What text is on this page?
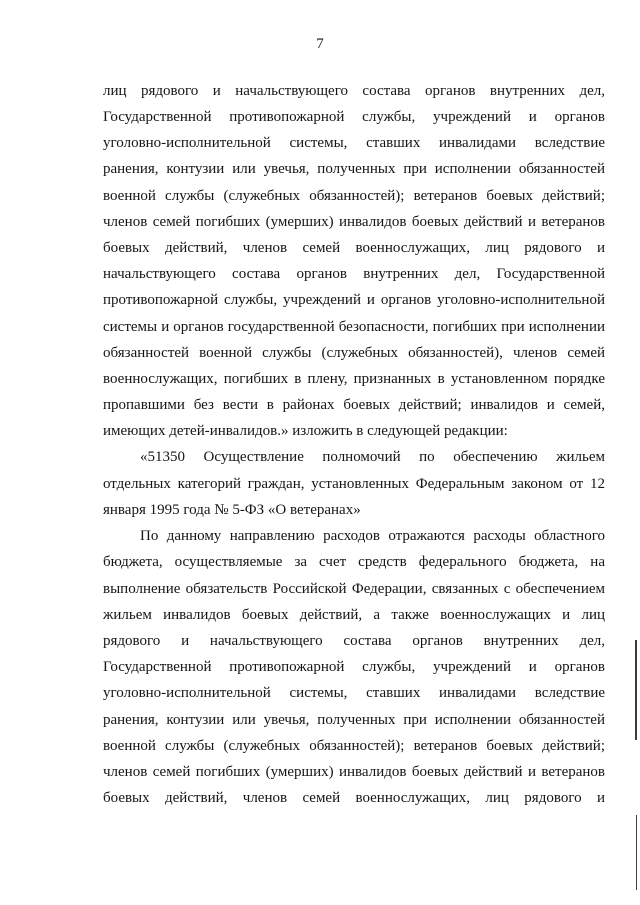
7
лиц рядового и начальствующего состава органов внутренних дел,
Государственной противопожарной службы, учреждений и органов
уголовно-исполнительной системы, ставших инвалидами вследствие
ранения, контузии или увечья, полученных при исполнении обязанностей
военной службы (служебных обязанностей); ветеранов боевых действий;
членов семей погибших (умерших) инвалидов боевых действий и ветеранов
боевых действий, членов семей военнослужащих, лиц рядового и
начальствующего состава органов внутренних дел, Государственной
противопожарной службы, учреждений и органов уголовно-исполнительной
системы и органов государственной безопасности, погибших при исполнении
обязанностей военной службы (служебных обязанностей), членов семей
военнослужащих, погибших в плену, признанных в установленном порядке
пропавшими без вести в районах боевых действий; инвалидов и семей,
имеющих детей-инвалидов.» изложить в следующей редакции:
«51350 Осуществление полномочий по обеспечению жильем
отдельных категорий граждан, установленных Федеральным законом от 12
января 1995 года № 5-ФЗ «О ветеранах»
По данному направлению расходов отражаются расходы областного
бюджета, осуществляемые за счет средств федерального бюджета, на
выполнение обязательств Российской Федерации, связанных с обеспечением
жильем инвалидов боевых действий, а также военнослужащих и лиц
рядового и начальствующего состава органов внутренних дел,
Государственной противопожарной службы, учреждений и органов
уголовно-исполнительной системы, ставших инвалидами вследствие
ранения, контузии или увечья, полученных при исполнении обязанностей
военной службы (служебных обязанностей); ветеранов боевых действий;
членов семей погибших (умерших) инвалидов боевых действий и ветеранов
боевых действий, членов семей военнослужащих, лиц рядового и
